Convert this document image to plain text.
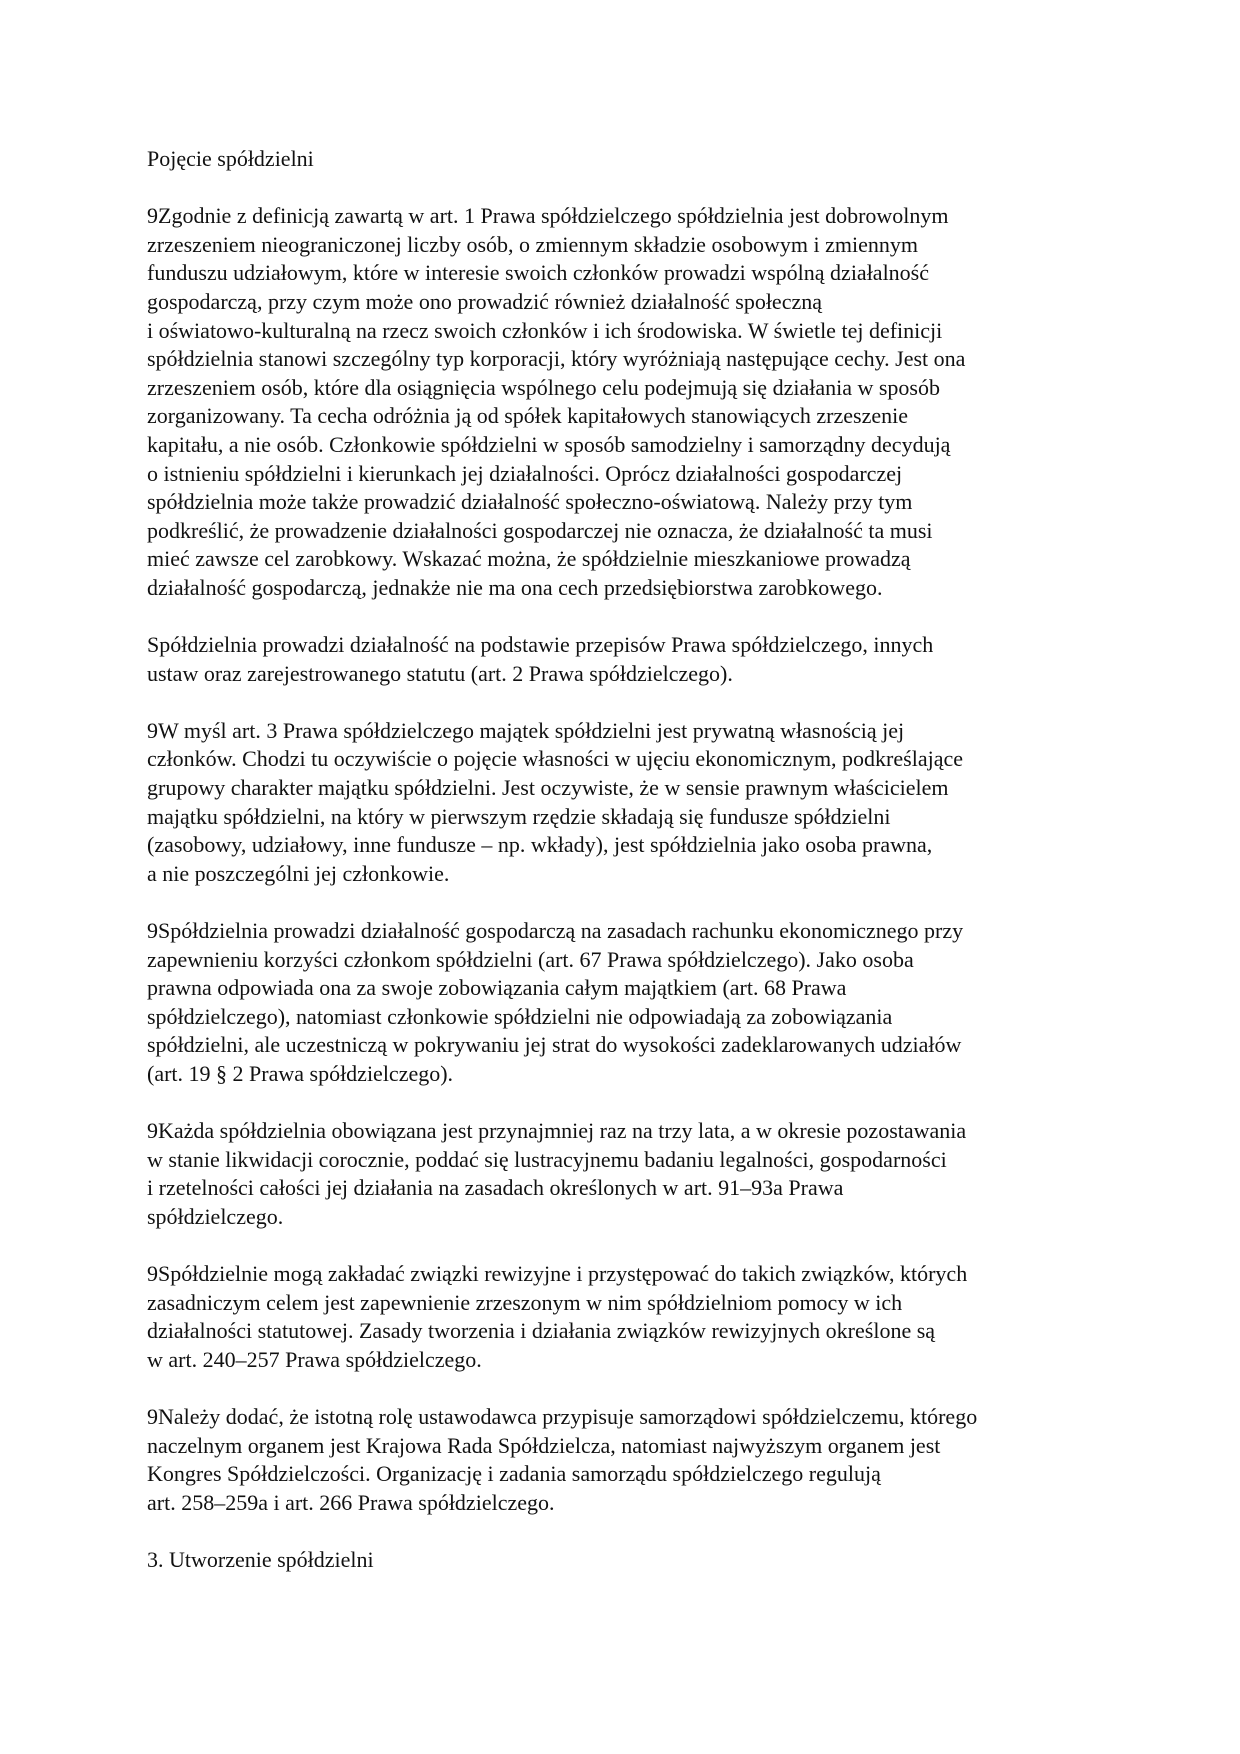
Pojęcie spółdzielni
9Zgodnie z definicją zawartą w art. 1 Prawa spółdzielczego spółdzielnia jest dobrowolnym
zrzeszeniem nieograniczonej liczby osób, o zmiennym składzie osobowym i zmiennym
funduszu udziałowym, które w interesie swoich członków prowadzi wspólną działalność
gospodarczą, przy czym może ono prowadzić również działalność społeczną
i oświatowo-kulturalną na rzecz swoich członków i ich środowiska. W świetle tej definicji
spółdzielnia stanowi szczególny typ korporacji, który wyróżniają następujące cechy. Jest ona
zrzeszeniem osób, które dla osiągnięcia wspólnego celu podejmują się działania w sposób
zorganizowany. Ta cecha odróżnia ją od spółek kapitałowych stanowiących zrzeszenie
kapitału, a nie osób. Członkowie spółdzielni w sposób samodzielny i samorządny decydują
o istnieniu spółdzielni i kierunkach jej działalności. Oprócz działalności gospodarczej
spółdzielnia może także prowadzić działalność społeczno-oświatową. Należy przy tym
podkreślić, że prowadzenie działalności gospodarczej nie oznacza, że działalność ta musi
mieć zawsze cel zarobkowy. Wskazać można, że spółdzielnie mieszkaniowe prowadzą
działalność gospodarczą, jednakże nie ma ona cech przedsiębiorstwa zarobkowego.
Spółdzielnia prowadzi działalność na podstawie przepisów Prawa spółdzielczego, innych
ustaw oraz zarejestrowanego statutu (art. 2 Prawa spółdzielczego).
9W myśl art. 3 Prawa spółdzielczego majątek spółdzielni jest prywatną własnością jej
członków. Chodzi tu oczywiście o pojęcie własności w ujęciu ekonomicznym, podkreślające
grupowy charakter majątku spółdzielni. Jest oczywiste, że w sensie prawnym właścicielem
majątku spółdzielni, na który w pierwszym rzędzie składają się fundusze spółdzielni
(zasobowy, udziałowy, inne fundusze – np. wkłady), jest spółdzielnia jako osoba prawna,
a nie poszczególni jej członkowie.
9Spółdzielnia prowadzi działalność gospodarczą na zasadach rachunku ekonomicznego przy
zapewnieniu korzyści członkom spółdzielni (art. 67 Prawa spółdzielczego). Jako osoba
prawna odpowiada ona za swoje zobowiązania całym majątkiem (art. 68 Prawa
spółdzielczego), natomiast członkowie spółdzielni nie odpowiadają za zobowiązania
spółdzielni, ale uczestniczą w pokrywaniu jej strat do wysokości zadeklarowanych udziałów
(art. 19 § 2 Prawa spółdzielczego).
9Każda spółdzielnia obowiązana jest przynajmniej raz na trzy lata, a w okresie pozostawania
w stanie likwidacji corocznie, poddać się lustracyjnemu badaniu legalności, gospodarności
i rzetelności całości jej działania na zasadach określonych w art. 91–93a Prawa
spółdzielczego.
9Spółdzielnie mogą zakładać związki rewizyjne i przystępować do takich związków, których
zasadniczym celem jest zapewnienie zrzeszonym w nim spółdzielniom pomocy w ich
działalności statutowej. Zasady tworzenia i działania związków rewizyjnych określone są
w art. 240–257 Prawa spółdzielczego.
9Należy dodać, że istotną rolę ustawodawca przypisuje samorządowi spółdzielczemu, którego
naczelnym organem jest Krajowa Rada Spółdzielcza, natomiast najwyższym organem jest
Kongres Spółdzielczości. Organizację i zadania samorządu spółdzielczego regulują
art. 258–259a i art. 266 Prawa spółdzielczego.
3. Utworzenie spółdzielni
